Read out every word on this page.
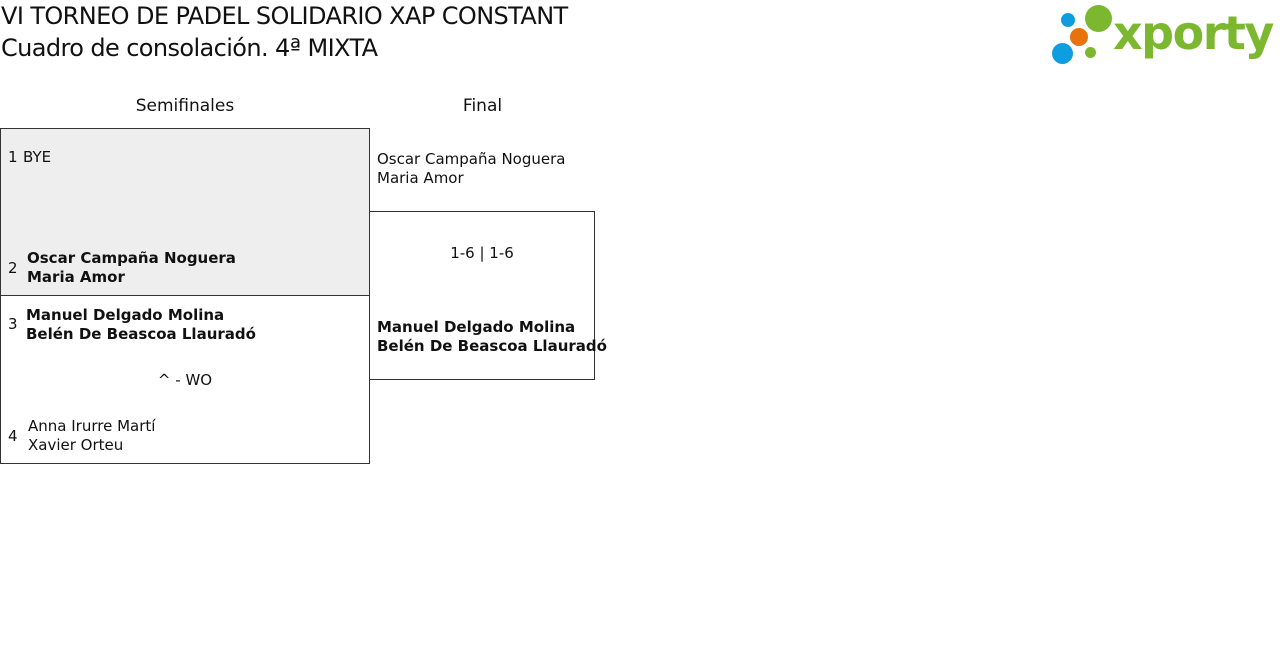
VI TORNEO DE PADEL SOLIDARIO XAP CONSTANT
Cuadro de consolación. 4ª MIXTA	xporty
Semifinales	Final
1 BYE
2
Oscar Campaña Noguera
Maria Amor
3 Manuel Delgado Molina
Belén De Beascoa Llauradó
^ - WO
4
Anna Irurre Martí
Xavier Orteu
Oscar Campaña Noguera
Maria Amor
1-6 | 1-6
Manuel Delgado Molina
Belén De Beascoa Llauradó
